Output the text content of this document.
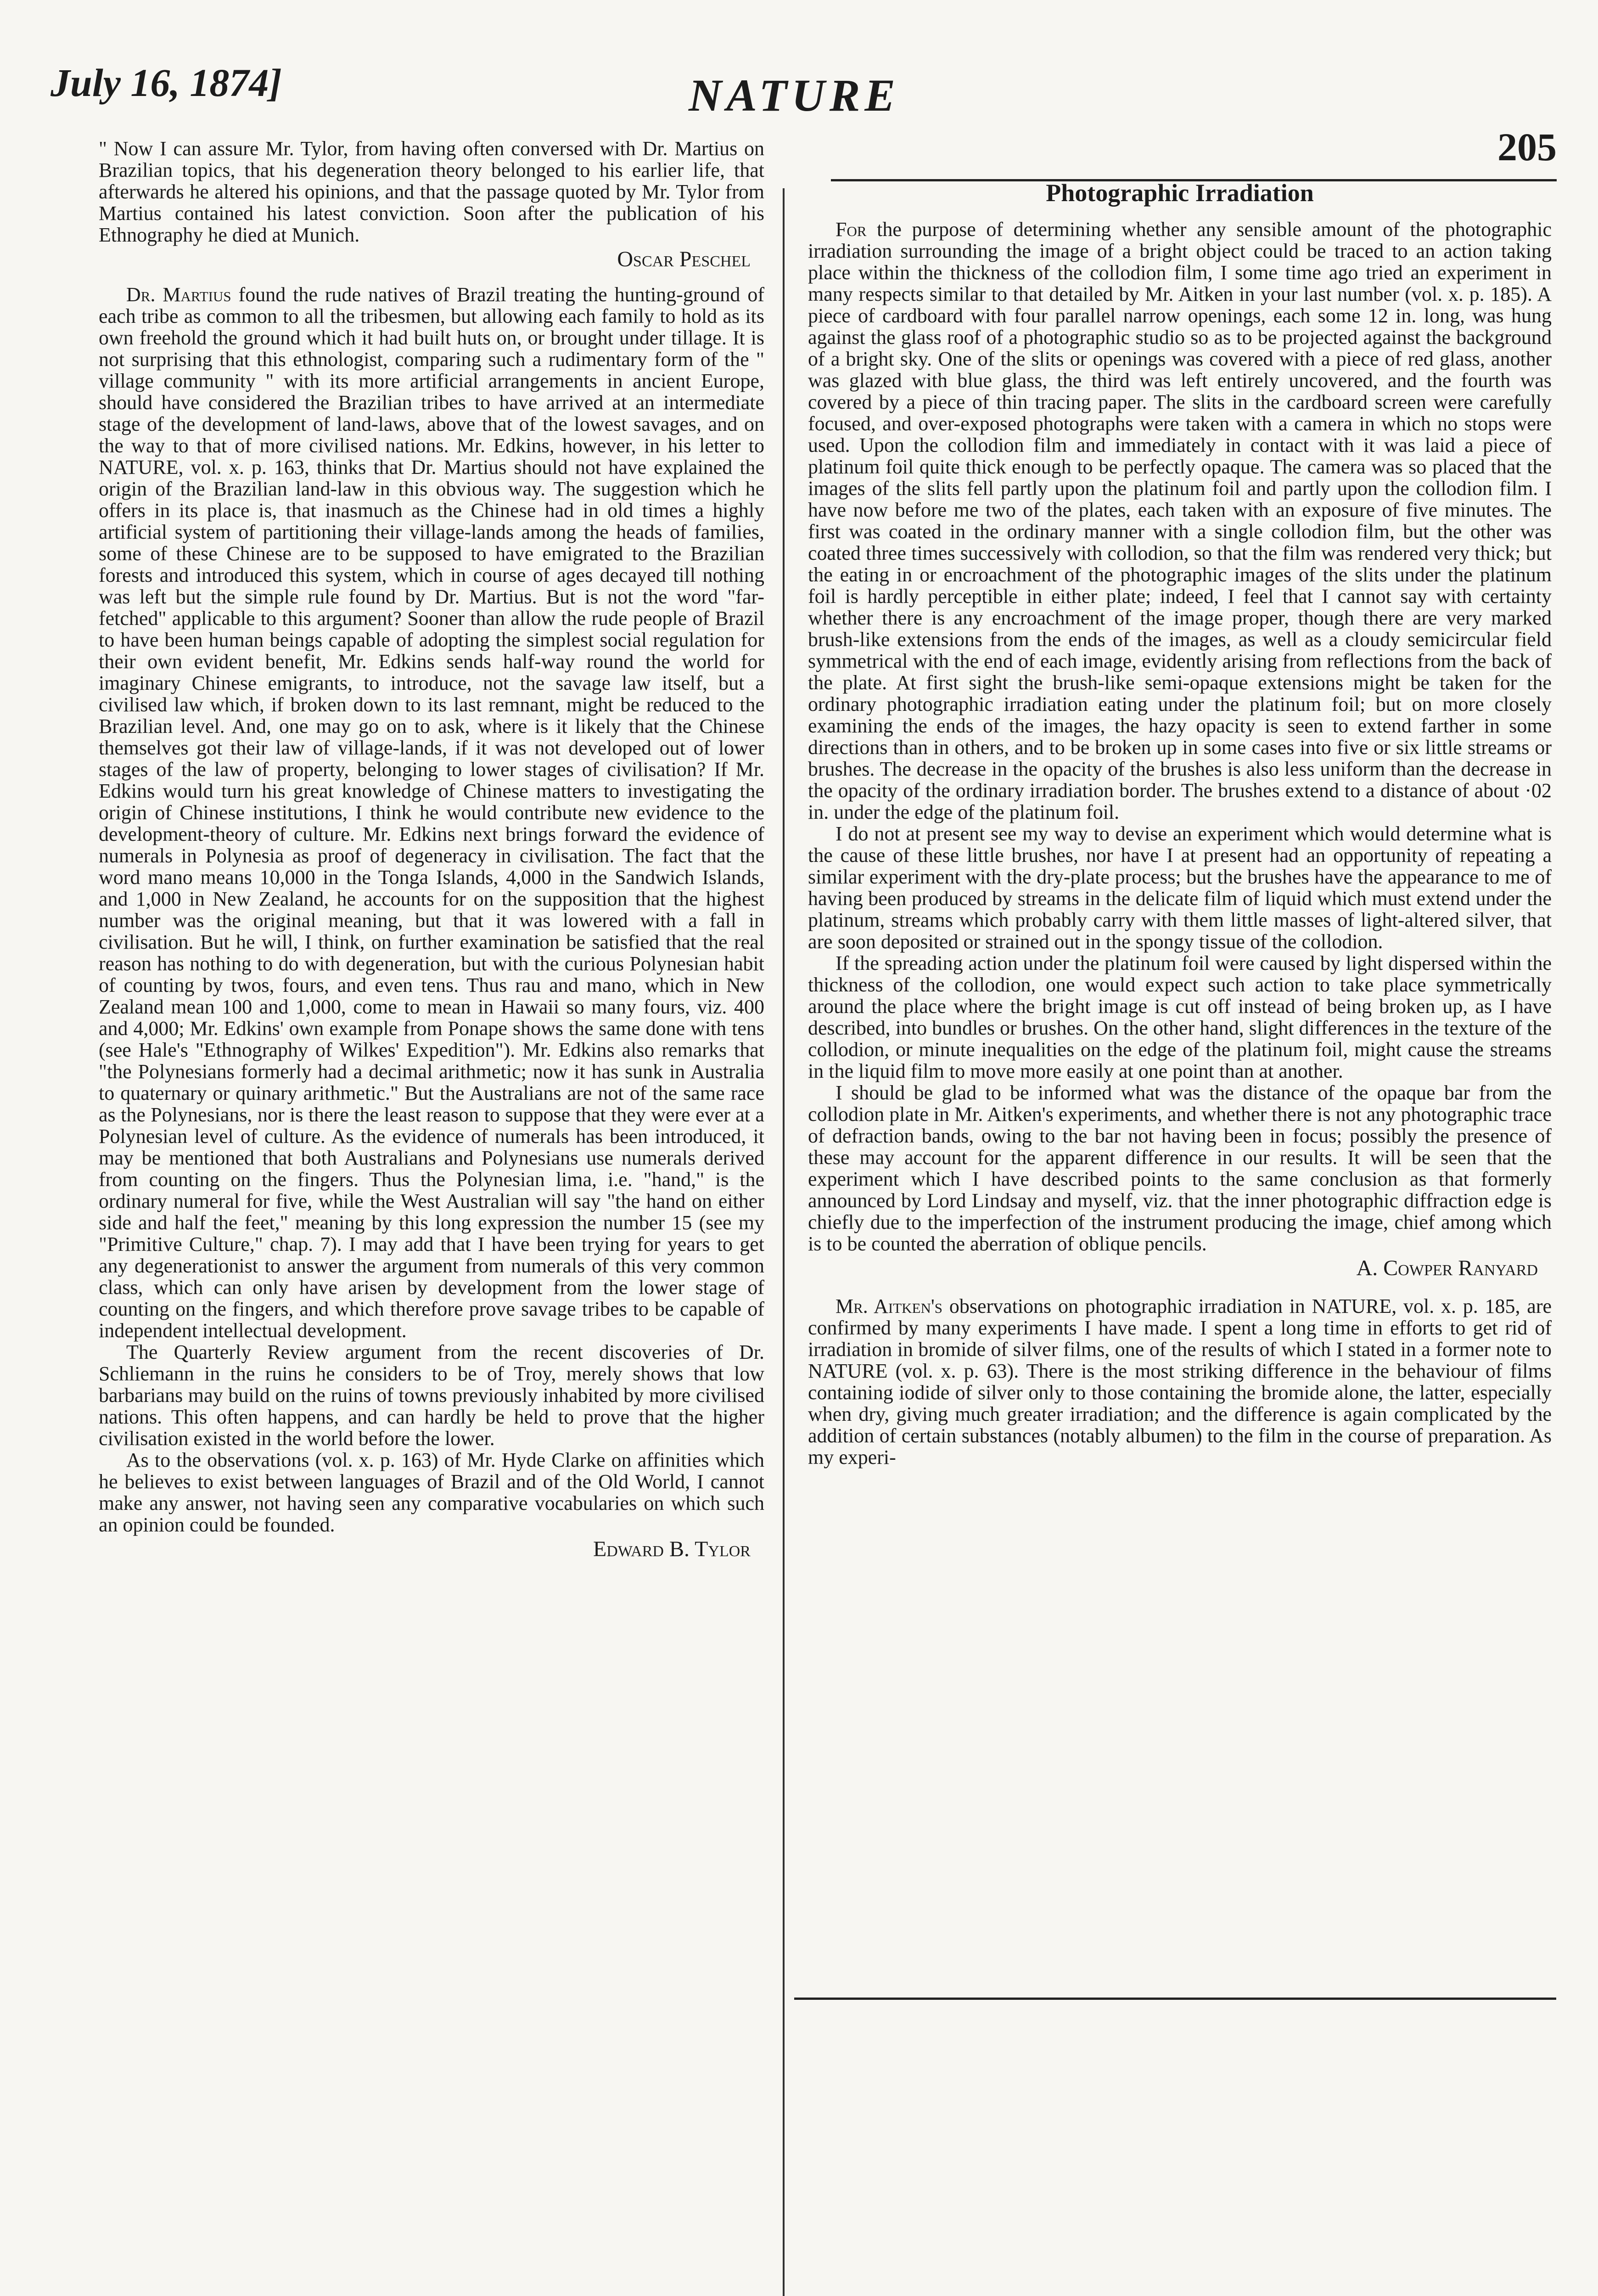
July 16, 1874]	NATURE
205

" Now I can assure Mr. Tylor, from having often conversed with Dr. Martius on Brazilian topics, that his degeneration theory belonged to his earlier life, that afterwards he altered his opinions, and that the passage quoted by Mr. Tylor from Martius contained his latest conviction. Soon after the publication of his Ethnography he died at Munich.

Oscar Peschel

Dr. Martius found the rude natives of Brazil treating the hunting-ground of each tribe as common to all the tribesmen, but allowing each family to hold as its own freehold the ground which it had built huts on, or brought under tillage. It is not surprising that this ethnologist, comparing such a rudimentary form of the " village community " with its more artificial arrangements in ancient Europe, should have considered the Brazilian tribes to have arrived at an intermediate stage of the development of land-laws, above that of the lowest savages, and on the way to that of more civilised nations. Mr. Edkins, however, in his letter to NATURE, vol. x. p. 163, thinks that Dr. Martius should not have explained the origin of the Brazilian land-law in this obvious way. The suggestion which he offers in its place is, that inasmuch as the Chinese had in old times a highly artificial system of partitioning their village-lands among the heads of families, some of these Chinese are to be supposed to have emigrated to the Brazilian forests and introduced this system, which in course of ages decayed till nothing was left but the simple rule found by Dr. Martius. But is not the word "far-fetched" applicable to this argument? Sooner than allow the rude people of Brazil to have been human beings capable of adopting the simplest social regulation for their own evident benefit, Mr. Edkins sends half-way round the world for imaginary Chinese emigrants, to introduce, not the savage law itself, but a civilised law which, if broken down to its last remnant, might be reduced to the Brazilian level. And, one may go on to ask, where is it likely that the Chinese themselves got their law of village-lands, if it was not developed out of lower stages of the law of property, belonging to lower stages of civilisation? If Mr. Edkins would turn his great knowledge of Chinese matters to investigating the origin of Chinese institutions, I think he would contribute new evidence to the development-theory of culture. Mr. Edkins next brings forward the evidence of numerals in Polynesia as proof of degeneracy in civilisation. The fact that the word mano means 10,000 in the Tonga Islands, 4,000 in the Sandwich Islands, and 1,000 in New Zealand, he accounts for on the supposition that the highest number was the original meaning, but that it was lowered with a fall in civilisation. But he will, I think, on further examination be satisfied that the real reason has nothing to do with degeneration, but with the curious Polynesian habit of counting by twos, fours, and even tens. Thus rau and mano, which in New Zealand mean 100 and 1,000, come to mean in Hawaii so many fours, viz. 400 and 4,000; Mr. Edkins' own example from Ponape shows the same done with tens (see Hale's "Ethnography of Wilkes' Expedition"). Mr. Edkins also remarks that "the Polynesians formerly had a decimal arithmetic; now it has sunk in Australia to quaternary or quinary arithmetic." But the Australians are not of the same race as the Polynesians, nor is there the least reason to suppose that they were ever at a Polynesian level of culture. As the evidence of numerals has been introduced, it may be mentioned that both Australians and Polynesians use numerals derived from counting on the fingers. Thus the Polynesian lima, i.e. "hand," is the ordinary numeral for five, while the West Australian will say "the hand on either side and half the feet," meaning by this long expression the number 15 (see my "Primitive Culture," chap. 7). I may add that I have been trying for years to get any degenerationist to answer the argument from numerals of this very common class, which can only have arisen by development from the lower stage of counting on the fingers, and which therefore prove savage tribes to be capable of independent intellectual development.

The Quarterly Review argument from the recent discoveries of Dr. Schliemann in the ruins he considers to be of Troy, merely shows that low barbarians may build on the ruins of towns previously inhabited by more civilised nations. This often happens, and can hardly be held to prove that the higher civilisation existed in the world before the lower.

As to the observations (vol. x. p. 163) of Mr. Hyde Clarke on affinities which he believes to exist between languages of Brazil and of the Old World, I cannot make any answer, not having seen any comparative vocabularies on which such an opinion could be founded.

Edward B. Tylor

Photographic Irradiation

For the purpose of determining whether any sensible amount of the photographic irradiation surrounding the image of a bright object could be traced to an action taking place within the thickness of the collodion film, I some time ago tried an experiment in many respects similar to that detailed by Mr. Aitken in your last number (vol. x. p. 185). A piece of cardboard with four parallel narrow openings, each some 12 in. long, was hung against the glass roof of a photographic studio so as to be projected against the background of a bright sky. One of the slits or openings was covered with a piece of red glass, another was glazed with blue glass, the third was left entirely uncovered, and the fourth was covered by a piece of thin tracing paper. The slits in the cardboard screen were carefully focused, and over-exposed photographs were taken with a camera in which no stops were used. Upon the collodion film and immediately in contact with it was laid a piece of platinum foil quite thick enough to be perfectly opaque. The camera was so placed that the images of the slits fell partly upon the platinum foil and partly upon the collodion film. I have now before me two of the plates, each taken with an exposure of five minutes. The first was coated in the ordinary manner with a single collodion film, but the other was coated three times successively with collodion, so that the film was rendered very thick; but the eating in or encroachment of the photographic images of the slits under the platinum foil is hardly perceptible in either plate; indeed, I feel that I cannot say with certainty whether there is any encroachment of the image proper, though there are very marked brush-like extensions from the ends of the images, as well as a cloudy semicircular field symmetrical with the end of each image, evidently arising from reflections from the back of the plate. At first sight the brush-like semi-opaque extensions might be taken for the ordinary photographic irradiation eating under the platinum foil; but on more closely examining the ends of the images, the hazy opacity is seen to extend farther in some directions than in others, and to be broken up in some cases into five or six little streams or brushes. The decrease in the opacity of the brushes is also less uniform than the decrease in the opacity of the ordinary irradiation border. The brushes extend to a distance of about ·02 in. under the edge of the platinum foil.

I do not at present see my way to devise an experiment which would determine what is the cause of these little brushes, nor have I at present had an opportunity of repeating a similar experiment with the dry-plate process; but the brushes have the appearance to me of having been produced by streams in the delicate film of liquid which must extend under the platinum, streams which probably carry with them little masses of light-altered silver, that are soon deposited or strained out in the spongy tissue of the collodion.

If the spreading action under the platinum foil were caused by light dispersed within the thickness of the collodion, one would expect such action to take place symmetrically around the place where the bright image is cut off instead of being broken up, as I have described, into bundles or brushes. On the other hand, slight differences in the texture of the collodion, or minute inequalities on the edge of the platinum foil, might cause the streams in the liquid film to move more easily at one point than at another.

I should be glad to be informed what was the distance of the opaque bar from the collodion plate in Mr. Aitken's experiments, and whether there is not any photographic trace of defraction bands, owing to the bar not having been in focus; possibly the presence of these may account for the apparent difference in our results. It will be seen that the experiment which I have described points to the same conclusion as that formerly announced by Lord Lindsay and myself, viz. that the inner photographic diffraction edge is chiefly due to the imperfection of the instrument producing the image, chief among which is to be counted the aberration of oblique pencils.

A. Cowper Ranyard

Mr. Aitken's observations on photographic irradiation in NATURE, vol. x. p. 185, are confirmed by many experiments I have made. I spent a long time in efforts to get rid of irradiation in bromide of silver films, one of the results of which I stated in a former note to NATURE (vol. x. p. 63). There is the most striking difference in the behaviour of films containing iodide of silver only to those containing the bromide alone, the latter, especially when dry, giving much greater irradiation; and the difference is again complicated by the addition of certain substances (notably albumen) to the film in the course of preparation. As my experi-
